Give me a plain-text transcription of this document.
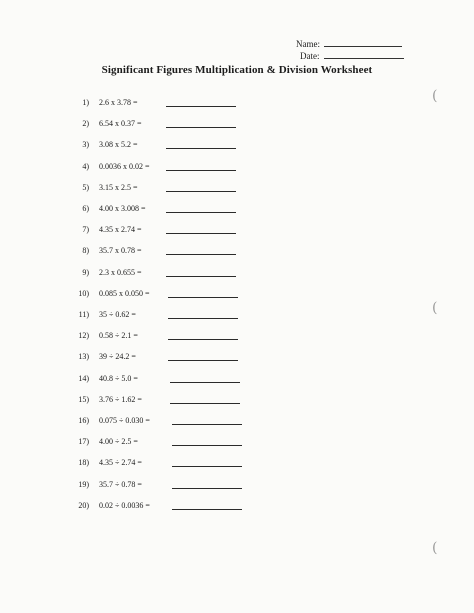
Name:
Date:
Significant Figures Multiplication & Division Worksheet
1) 2.6 x 3.78 =
2) 6.54 x 0.37 =
3) 3.08 x 5.2 =
4) 0.0036 x 0.02 =
5) 3.15 x 2.5 =
6) 4.00 x 3.008 =
7) 4.35 x 2.74 =
8) 35.7 x 0.78 =
9) 2.3 x 0.655 =
10) 0.085 x 0.050 =
11) 35 ÷ 0.62 =
12) 0.58 ÷ 2.1 =
13) 39 ÷ 24.2 =
14) 40.8 ÷ 5.0 =
15) 3.76 ÷ 1.62 =
16) 0.075 ÷ 0.030 =
17) 4.00 ÷ 2.5 =
18) 4.35 ÷ 2.74 =
19) 35.7 ÷ 0.78 =
20) 0.02 ÷ 0.0036 =
(
(
(
